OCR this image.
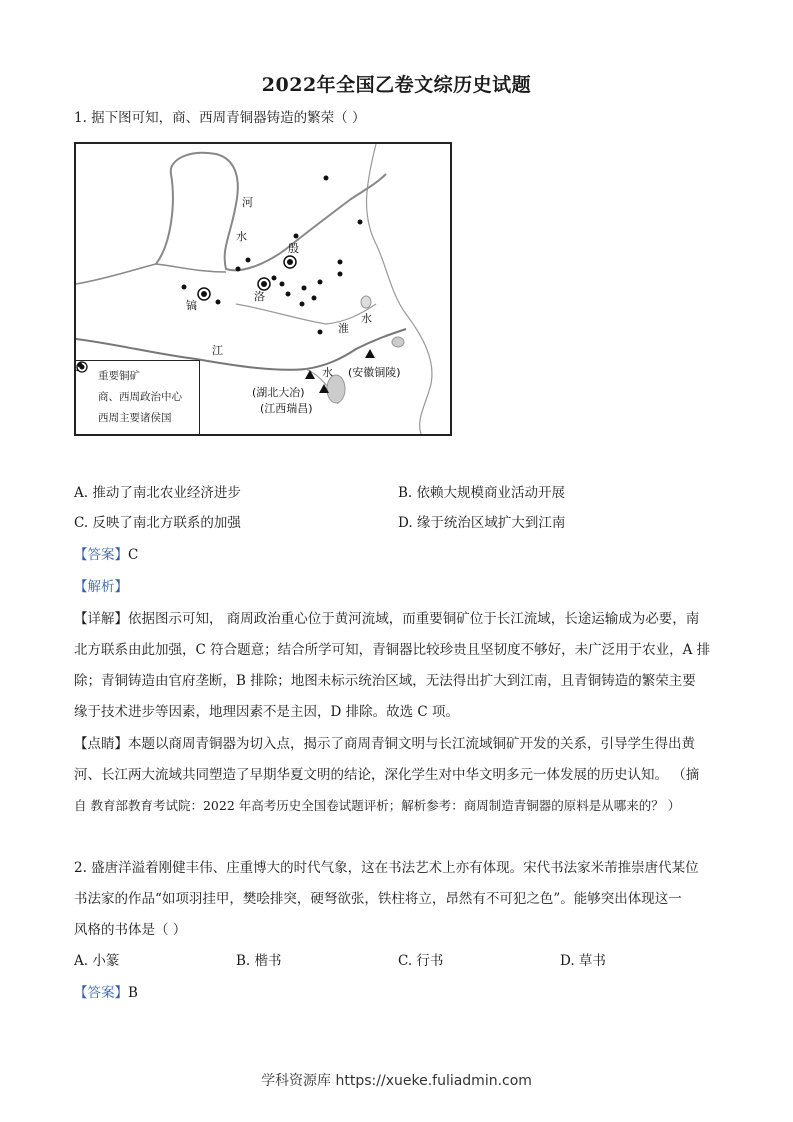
2022年全国乙卷文综历史试题
1. 据下图可知，商、西周青铜器铸造的繁荣（ ）
河
水
殷
洛
镐
淮
水
江
水 (安徽铜陵)
(湖北大冶)
(江西瑞昌)
重要铜矿
商、西周政治中心
西周主要诸侯国
A. 推动了南北农业经济进步	B. 依赖大规模商业活动开展
C. 反映了南北方联系的加强	D. 缘于统治区域扩大到江南
【答案】C
【解析】
【详解】依据图示可知， 商周政治重心位于黄河流域，而重要铜矿位于长江流域，长途运输成为必要，南
北方联系由此加强，C 符合题意；结合所学可知，青铜器比较珍贵且坚韧度不够好，未广泛用于农业，A 排
除；青铜铸造由官府垄断，B 排除；地图未标示统治区域，无法得出扩大到江南，且青铜铸造的繁荣主要
缘于技术进步等因素，地理因素不是主因，D 排除。故选 C 项。
【点睛】本题以商周青铜器为切入点，揭示了商周青铜文明与长江流域铜矿开发的关系，引导学生得出黄
河、长江两大流域共同塑造了早期华夏文明的结论，深化学生对中华文明多元一体发展的历史认知。 （摘
自 教育部教育考试院：2022 年高考历史全国卷试题评析；解析参考：商周制造青铜器的原料是从哪来的？ ）
2. 盛唐洋溢着刚健丰伟、庄重博大的时代气象，这在书法艺术上亦有体现。宋代书法家米芾推崇唐代某位
书法家的作品“如项羽挂甲，樊哙排突，硬弩欲张，铁柱将立，昂然有不可犯之色”。能够突出体现这一
风格的书体是（ ）
A. 小篆	B. 楷书	C. 行书	D. 草书
【答案】B
学科资源库 https://xueke.fuliadmin.com
